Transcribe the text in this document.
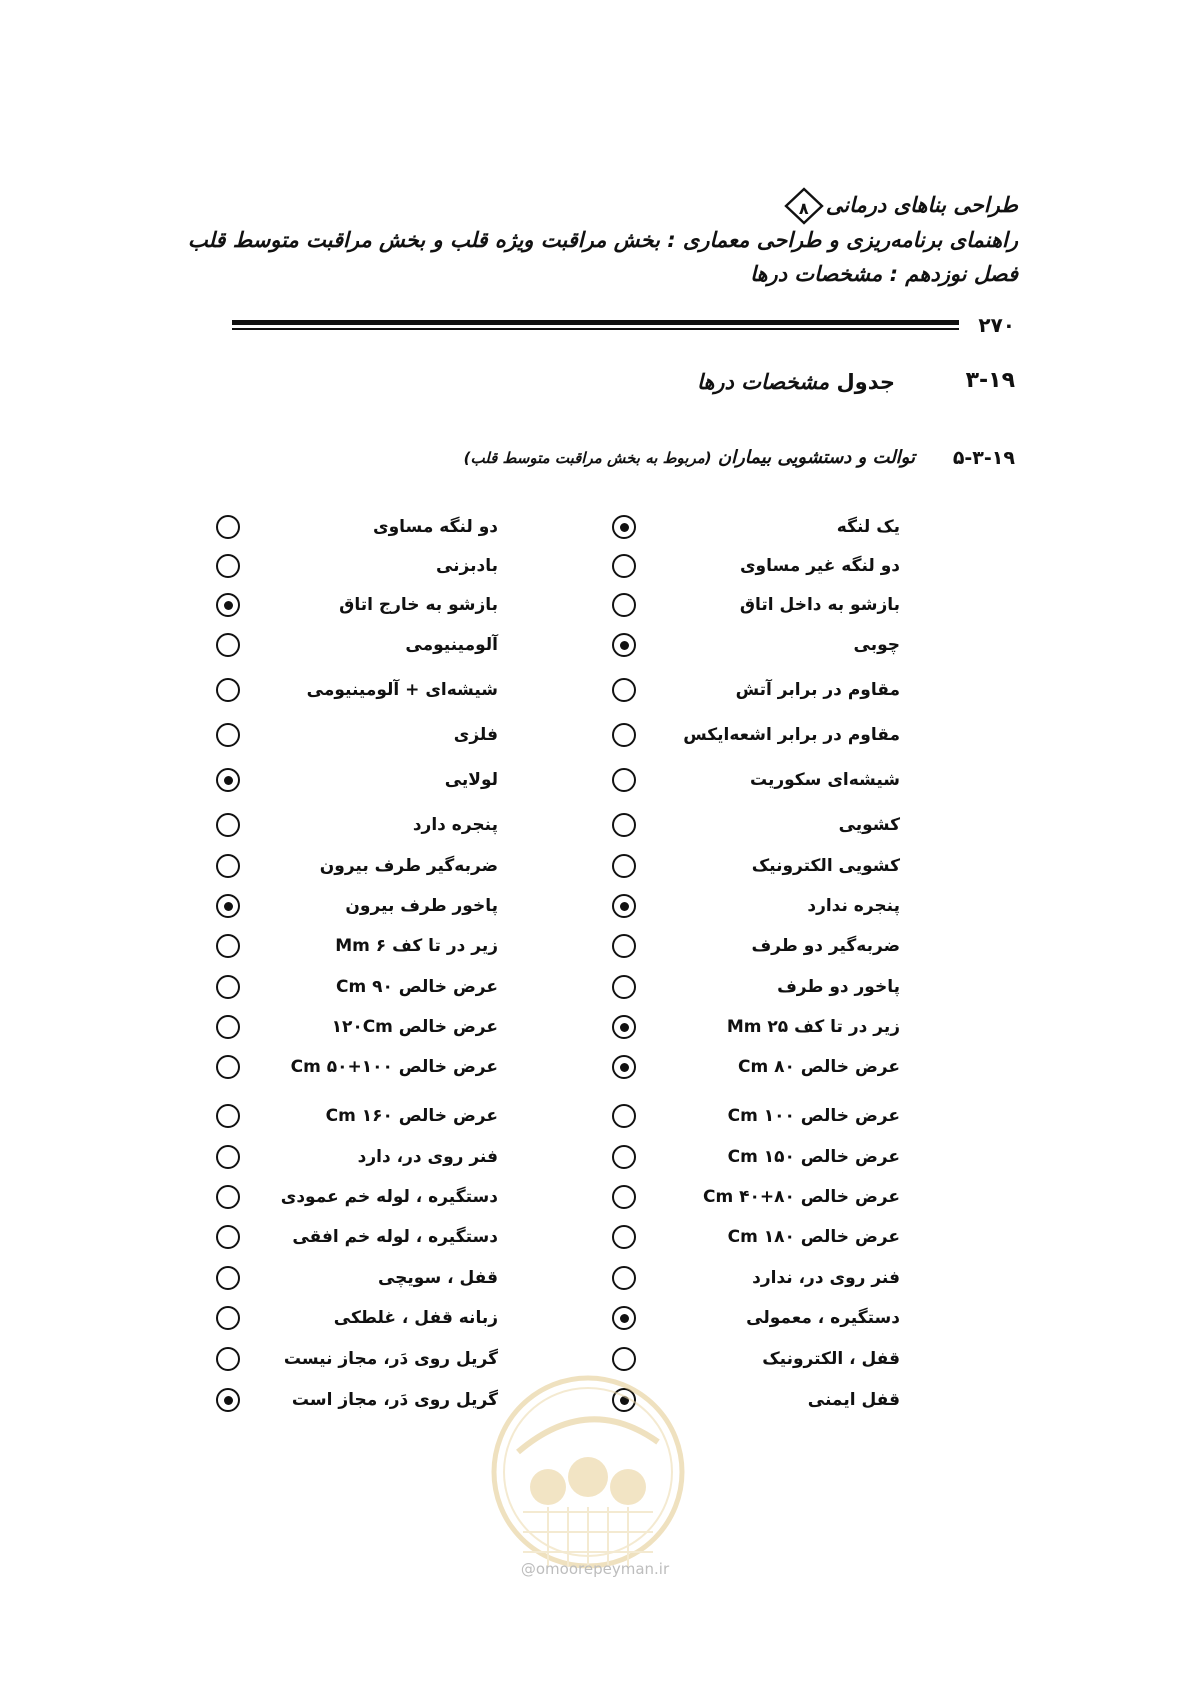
طراحی بناهای درمانی
۸
راهنمای برنامه‌ریزی و طراحی معماری : بخش مراقبت ویژه قلب و بخش مراقبت متوسط قلب
فصل نوزدهم : مشخصات درها
۲۷۰
۳-۱۹
جدول مشخصات درها
۵-۳-۱۹
توالت و دستشویی بیماران (مربوط به بخش مراقبت متوسط قلب)
یک لنگه
دو لنگه مساوی
دو لنگه غیر مساوی
بادبزنی
بازشو به داخل اتاق
بازشو به خارج اتاق
چوبی
آلومینیومی
مقاوم در برابر آتش
شیشه‌ای + آلومینیومی
مقاوم در برابر اشعه‌ایکس
فلزی
شیشه‌ای سکوریت
لولایی
کشویی
پنجره دارد
کشویی الکترونیک
ضربه‌گیر طرف بیرون
پنجره ندارد
پاخور طرف بیرون
ضربه‌گیر دو طرف
زیر در تا کف Mm ۶
پاخور دو طرف
عرض خالص Cm ۹۰
زیر در تا کف Mm ۲۵
عرض خالص ۱۲۰Cm
عرض خالص Cm ۸۰
عرض خالص Cm ۵۰+۱۰۰
عرض خالص Cm ۱۰۰
عرض خالص Cm ۱۶۰
عرض خالص Cm ۱۵۰
فنر روی در، دارد
عرض خالص Cm ۴۰+۸۰
دستگیره ، لوله خم عمودی
عرض خالص Cm ۱۸۰
دستگیره ، لوله خم افقی
فنر روی در، ندارد
قفل ، سویچی
دستگیره ، معمولی
زبانه قفل ، غلطکی
قفل ، الکترونیک
گریل روی دَر، مجاز نیست
قفل ایمنی
گریل روی دَر، مجاز است
@omoorepeyman.ir
